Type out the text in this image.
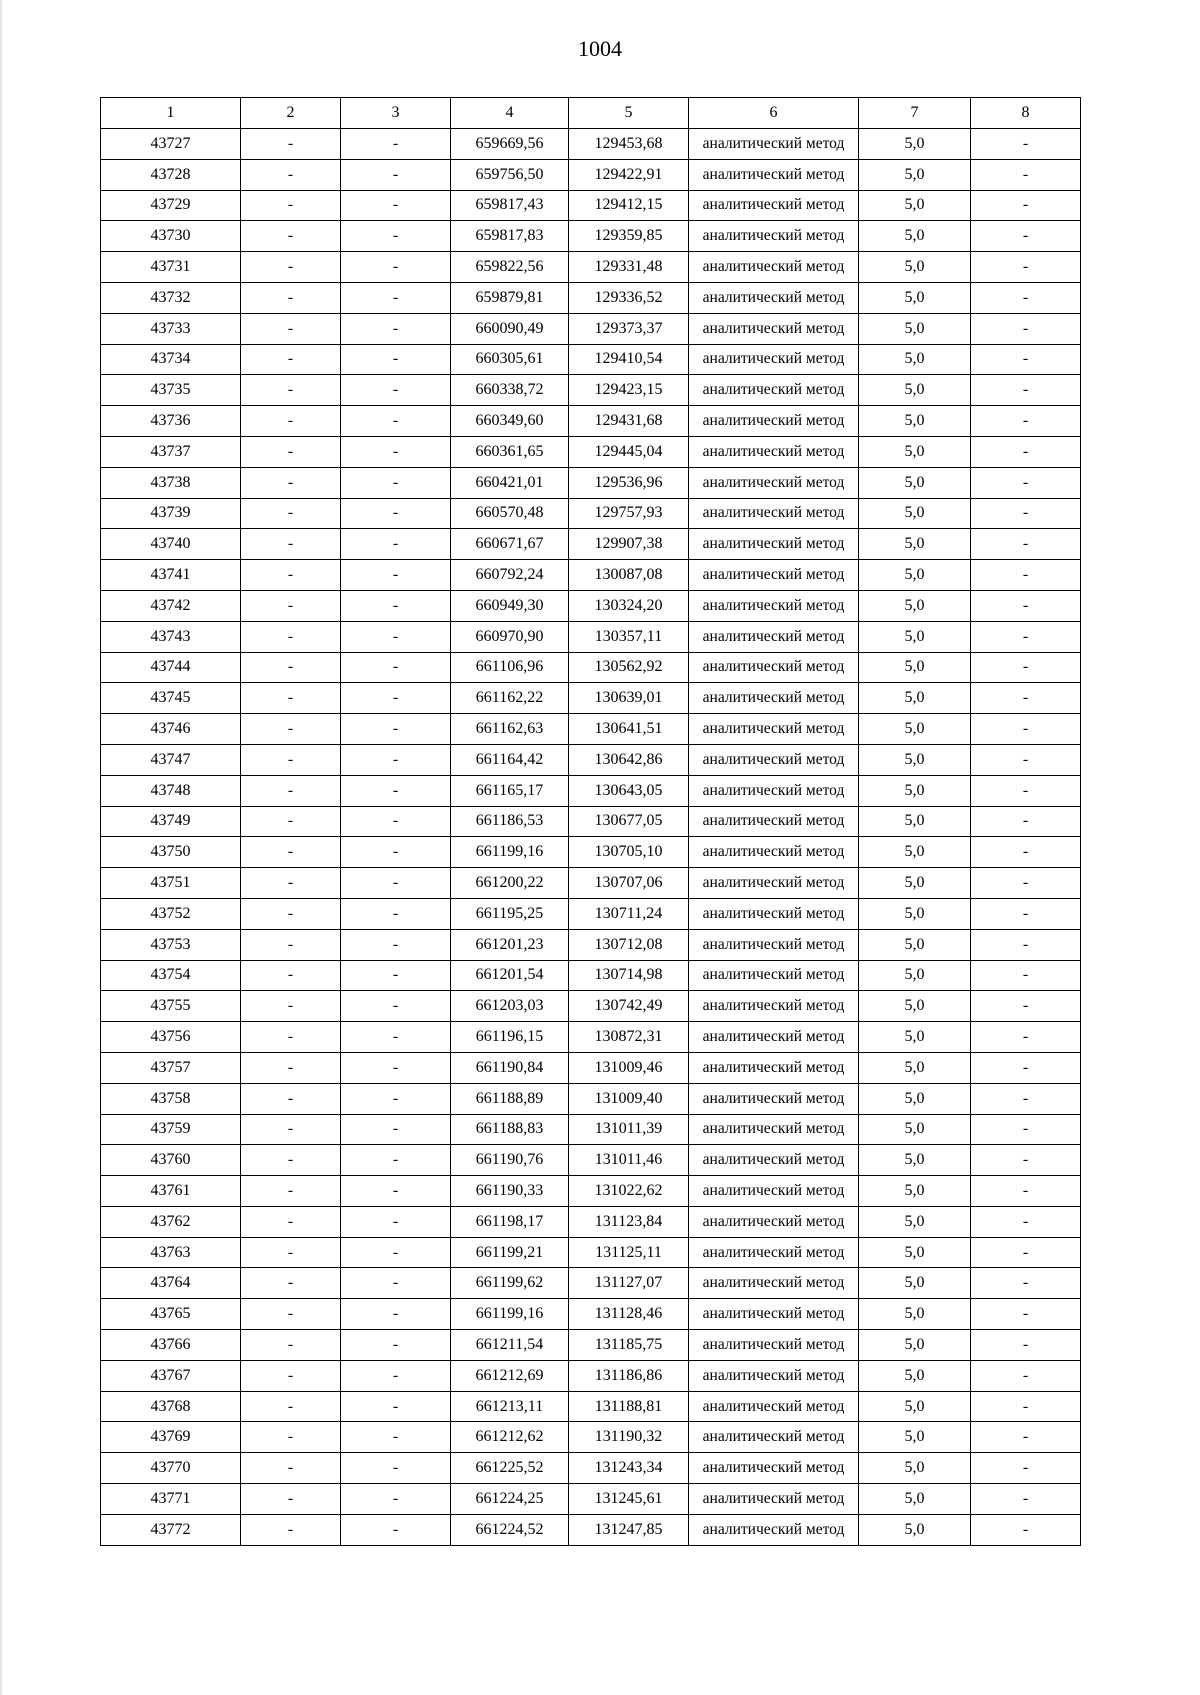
1004
1	2	3	4	5	6	7	8
43727	-	-	659669,56	129453,68	аналитический метод	5,0	-
43728	-	-	659756,50	129422,91	аналитический метод	5,0	-
43729	-	-	659817,43	129412,15	аналитический метод	5,0	-
43730	-	-	659817,83	129359,85	аналитический метод	5,0	-
43731	-	-	659822,56	129331,48	аналитический метод	5,0	-
43732	-	-	659879,81	129336,52	аналитический метод	5,0	-
43733	-	-	660090,49	129373,37	аналитический метод	5,0	-
43734	-	-	660305,61	129410,54	аналитический метод	5,0	-
43735	-	-	660338,72	129423,15	аналитический метод	5,0	-
43736	-	-	660349,60	129431,68	аналитический метод	5,0	-
43737	-	-	660361,65	129445,04	аналитический метод	5,0	-
43738	-	-	660421,01	129536,96	аналитический метод	5,0	-
43739	-	-	660570,48	129757,93	аналитический метод	5,0	-
43740	-	-	660671,67	129907,38	аналитический метод	5,0	-
43741	-	-	660792,24	130087,08	аналитический метод	5,0	-
43742	-	-	660949,30	130324,20	аналитический метод	5,0	-
43743	-	-	660970,90	130357,11	аналитический метод	5,0	-
43744	-	-	661106,96	130562,92	аналитический метод	5,0	-
43745	-	-	661162,22	130639,01	аналитический метод	5,0	-
43746	-	-	661162,63	130641,51	аналитический метод	5,0	-
43747	-	-	661164,42	130642,86	аналитический метод	5,0	-
43748	-	-	661165,17	130643,05	аналитический метод	5,0	-
43749	-	-	661186,53	130677,05	аналитический метод	5,0	-
43750	-	-	661199,16	130705,10	аналитический метод	5,0	-
43751	-	-	661200,22	130707,06	аналитический метод	5,0	-
43752	-	-	661195,25	130711,24	аналитический метод	5,0	-
43753	-	-	661201,23	130712,08	аналитический метод	5,0	-
43754	-	-	661201,54	130714,98	аналитический метод	5,0	-
43755	-	-	661203,03	130742,49	аналитический метод	5,0	-
43756	-	-	661196,15	130872,31	аналитический метод	5,0	-
43757	-	-	661190,84	131009,46	аналитический метод	5,0	-
43758	-	-	661188,89	131009,40	аналитический метод	5,0	-
43759	-	-	661188,83	131011,39	аналитический метод	5,0	-
43760	-	-	661190,76	131011,46	аналитический метод	5,0	-
43761	-	-	661190,33	131022,62	аналитический метод	5,0	-
43762	-	-	661198,17	131123,84	аналитический метод	5,0	-
43763	-	-	661199,21	131125,11	аналитический метод	5,0	-
43764	-	-	661199,62	131127,07	аналитический метод	5,0	-
43765	-	-	661199,16	131128,46	аналитический метод	5,0	-
43766	-	-	661211,54	131185,75	аналитический метод	5,0	-
43767	-	-	661212,69	131186,86	аналитический метод	5,0	-
43768	-	-	661213,11	131188,81	аналитический метод	5,0	-
43769	-	-	661212,62	131190,32	аналитический метод	5,0	-
43770	-	-	661225,52	131243,34	аналитический метод	5,0	-
43771	-	-	661224,25	131245,61	аналитический метод	5,0	-
43772	-	-	661224,52	131247,85	аналитический метод	5,0	-
